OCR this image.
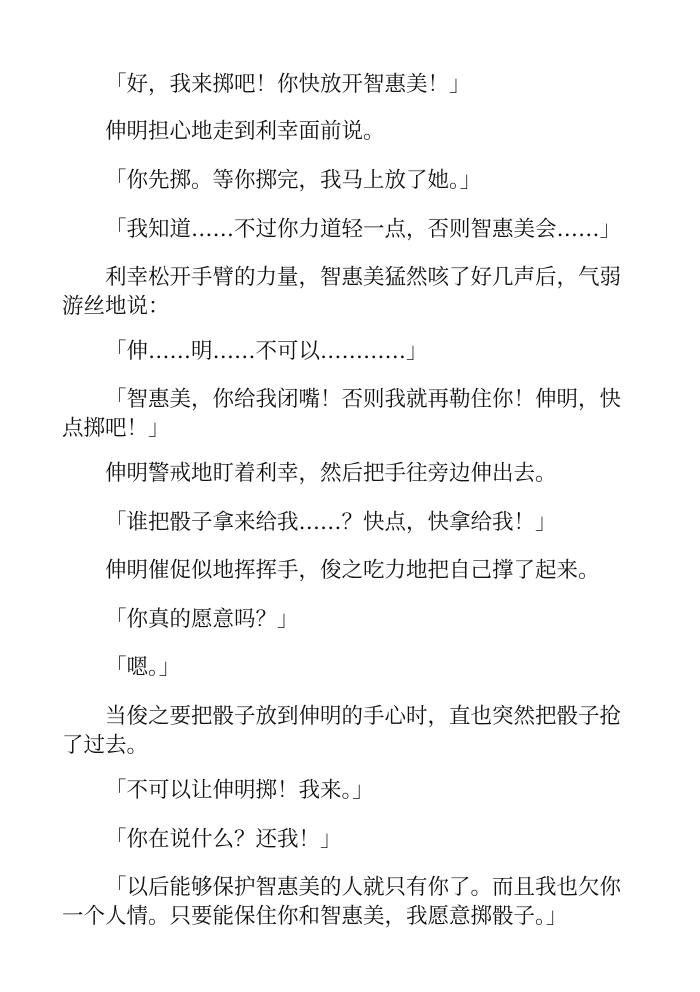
「好，我来掷吧！你快放开智惠美！」

伸明担心地走到利幸面前说。

「你先掷。等你掷完，我马上放了她。」

「我知道……不过你力道轻一点，否则智惠美会……」

利幸松开手臂的力量，智惠美猛然咳了好几声后，气弱游丝地说：

「伸……明……不可以…………」

「智惠美，你给我闭嘴！否则我就再勒住你！伸明，快点掷吧！」

伸明警戒地盯着利幸，然后把手往旁边伸出去。

「谁把骰子拿来给我……？快点，快拿给我！」

伸明催促似地挥挥手，俊之吃力地把自己撑了起来。

「你真的愿意吗？」

「嗯。」

当俊之要把骰子放到伸明的手心时，直也突然把骰子抢了过去。

「不可以让伸明掷！我来。」

「你在说什么？还我！」

「以后能够保护智惠美的人就只有你了。而且我也欠你一个人情。只要能保住你和智惠美，我愿意掷骰子。」
